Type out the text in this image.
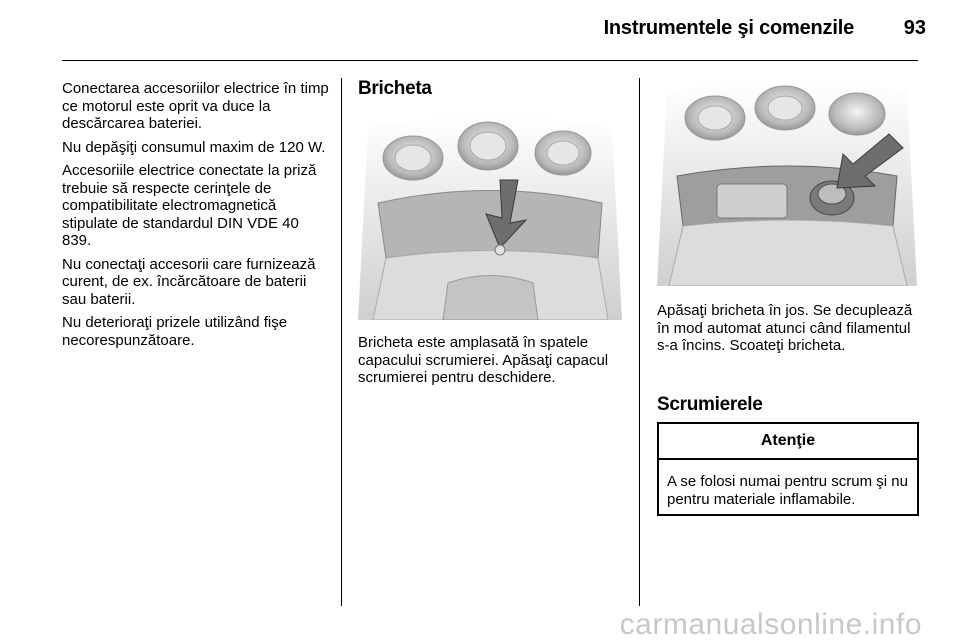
Instrumentele şi comenzile 93

Conectarea accesoriilor electrice în timp ce motorul este oprit va duce la descărcarea bateriei.

Nu depăşiţi consumul maxim de 120 W.

Accesoriile electrice conectate la priză trebuie să respecte cerinţele de compatibilitate electromagnetică stipulate de standardul DIN VDE 40 839.

Nu conectaţi accesorii care furnizează curent, de ex. încărcătoare de baterii sau baterii.

Nu deterioraţi prizele utilizând fişe necorespunzătoare.

Bricheta

Bricheta este amplasată în spatele capacului scrumierei. Apăsaţi capacul scrumierei pentru deschidere.

Apăsaţi bricheta în jos. Se decuplează în mod automat atunci când filamentul s-a încins. Scoateţi bricheta.

Scrumierele
Atenţie
A se folosi numai pentru scrum şi nu pentru materiale inflamabile.
carmanualsonline.info
